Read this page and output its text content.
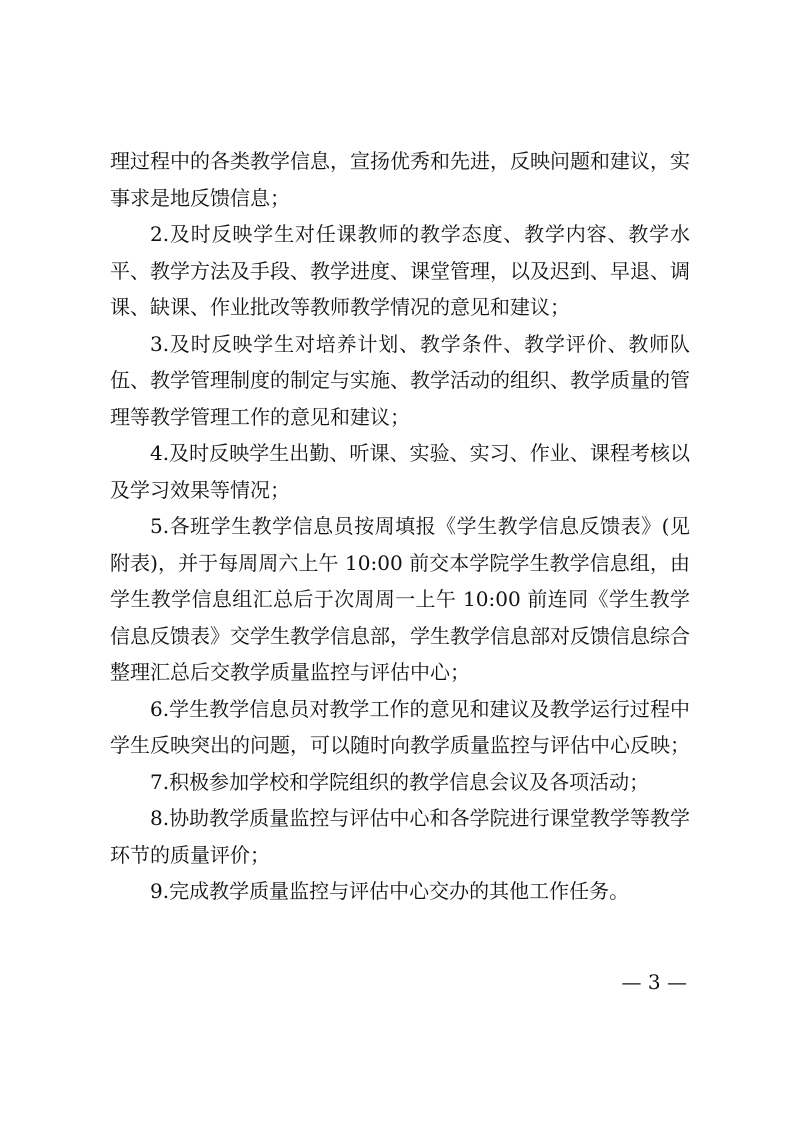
理过程中的各类教学信息，宣扬优秀和先进，反映问题和建议，实事求是地反馈信息；

2.及时反映学生对任课教师的教学态度、教学内容、教学水平、教学方法及手段、教学进度、课堂管理，以及迟到、早退、调课、缺课、作业批改等教师教学情况的意见和建议；

3.及时反映学生对培养计划、教学条件、教学评价、教师队伍、教学管理制度的制定与实施、教学活动的组织、教学质量的管理等教学管理工作的意见和建议；

4.及时反映学生出勤、听课、实验、实习、作业、课程考核以及学习效果等情况；

5.各班学生教学信息员按周填报《学生教学信息反馈表》(见附表)，并于每周周六上午 10:00 前交本学院学生教学信息组，由学生教学信息组汇总后于次周周一上午 10:00 前连同《学生教学信息反馈表》交学生教学信息部，学生教学信息部对反馈信息综合整理汇总后交教学质量监控与评估中心；

6.学生教学信息员对教学工作的意见和建议及教学运行过程中学生反映突出的问题，可以随时向教学质量监控与评估中心反映；

7.积极参加学校和学院组织的教学信息会议及各项活动；

8.协助教学质量监控与评估中心和各学院进行课堂教学等教学环节的质量评价；

9.完成教学质量监控与评估中心交办的其他工作任务。

— 3 —
